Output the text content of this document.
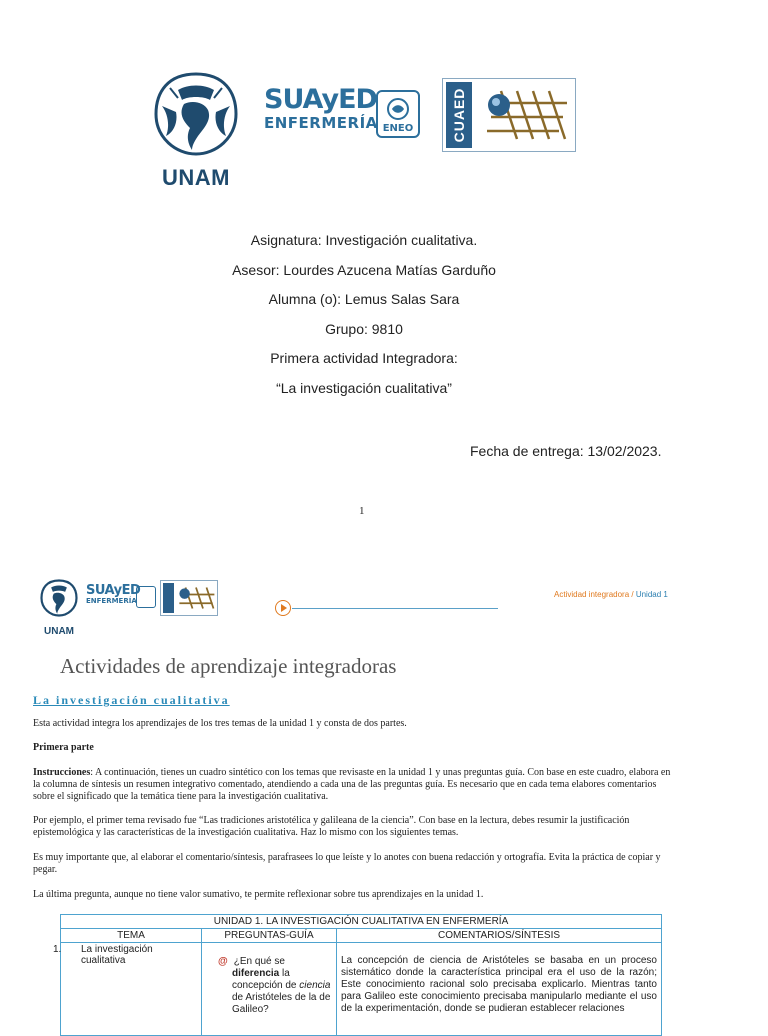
UNAM
SUAyED
ENFERMERÍA ENEO	CUAED
Asignatura: Investigación cualitativa.
Asesor: Lourdes Azucena Matías Garduño
Alumna (o): Lemus Salas Sara
Grupo: 9810
Primera actividad Integradora:
“La investigación cualitativa”
Fecha de entrega: 13/02/2023.
1
UNAM
SUAyED
ENFERMERÍA
Actividad integradora / Unidad 1
Actividades de aprendizaje integradoras
La investigación cualitativa
Esta actividad integra los aprendizajes de los tres temas de la unidad 1 y consta de dos partes.
Primera parte
Instrucciones: A continuación, tienes un cuadro sintético con los temas que revisaste en la unidad 1 y unas preguntas guía. Con base en este cuadro, elabora en la columna de síntesis un resumen integrativo comentado, atendiendo a cada una de las preguntas guía. Es necesario que en cada tema elabores comentarios sobre el significado que la temática tiene para la investigación cualitativa.
Por ejemplo, el primer tema revisado fue “Las tradiciones aristotélica y galileana de la ciencia”. Con base en la lectura, debes resumir la justificación epistemológica y las características de la investigación cualitativa. Haz lo mismo con los siguientes temas.
Es muy importante que, al elaborar el comentario/síntesis, parafrasees lo que leíste y lo anotes con buena redacción y ortografía. Evita la práctica de copiar y pegar.
La última pregunta, aunque no tiene valor sumativo, te permite reflexionar sobre tus aprendizajes en la unidad 1.
UNIDAD 1. LA INVESTIGACIÓN CUALITATIVA EN ENFERMERÍA		
TEMA	PREGUNTAS-GUÍA	COMENTARIOS/SÍNTESIS

1. La investigación cualitativa	@ ¿En qué se diferencia la concepción de ciencia de Aristóteles de la de Galileo?	La concepción de ciencia de Aristóteles se basaba en un proceso sistemático donde la característica principal era el uso de la razón; Este conocimiento racional solo precisaba explicarlo. Mientras tanto para Galileo este conocimiento precisaba manipularlo mediante el uso de la experimentación, donde se pudieran establecer relaciones
